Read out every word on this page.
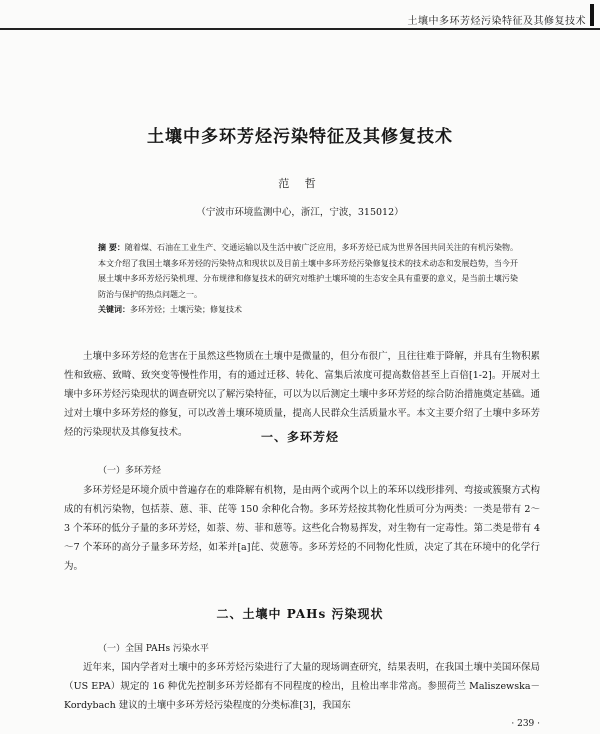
土壤中多环芳烃污染特征及其修复技术
土壤中多环芳烃污染特征及其修复技术
范 哲
（宁波市环境监测中心，浙江，宁波，315012）
摘 要：随着煤、石油在工业生产、交通运输以及生活中被广泛应用，多环芳烃已成为世界各国共同关注的有机污染物。本文介绍了我国土壤多环芳烃的污染特点和现状以及目前土壤中多环芳烃污染修复技术的技术动态和发展趋势，当今开展土壤中多环芳烃污染机理、分布规律和修复技术的研究对维护土壤环境的生态安全具有重要的意义，是当前土壤污染防治与保护的热点问题之一。
关键词：多环芳烃；土壤污染；修复技术
土壤中多环芳烃的危害在于虽然这些物质在土壤中是微量的，但分布很广，且往往难于降解，并具有生物积累性和致癌、致畸、致突变等慢性作用，有的通过迁移、转化、富集后浓度可提高数倍甚至上百倍[1-2]。开展对土壤中多环芳烃污染现状的调查研究以了解污染特征，可以为以后测定土壤中多环芳烃的综合防治措施奠定基础。通过对土壤中多环芳烃的修复，可以改善土壤环境质量，提高人民群众生活质量水平。本文主要介绍了土壤中多环芳烃的污染现状及其修复技术。	一、多环芳烃
（一）多环芳烃
多环芳烃是环境介质中普遍存在的难降解有机物，是由两个或两个以上的苯环以线形排列、弯接或簇聚方式构成的有机污染物，包括萘、蒽、菲、芘等 150 余种化合物。多环芳烃按其物化性质可分为两类：一类是带有 2～3 个苯环的低分子量的多环芳烃，如萘、芴、菲和蒽等。这些化合物易挥发，对生物有一定毒性。第二类是带有 4～7 个苯环的高分子量多环芳烃，如苯并[a]芘、荧蒽等。多环芳烃的不同物化性质，决定了其在环境中的化学行为。
二、土壤中 PAHs 污染现状
（一）全国 PAHs 污染水平
近年来，国内学者对土壤中的多环芳烃污染进行了大量的现场调查研究，结果表明，在我国土壤中美国环保局（US EPA）规定的 16 种优先控制多环芳烃都有不同程度的检出，且检出率非常高。参照荷兰 Maliszewska－Kordybach 建议的土壤中多环芳烃污染程度的分类标准[3]，我国东
· 239 ·
